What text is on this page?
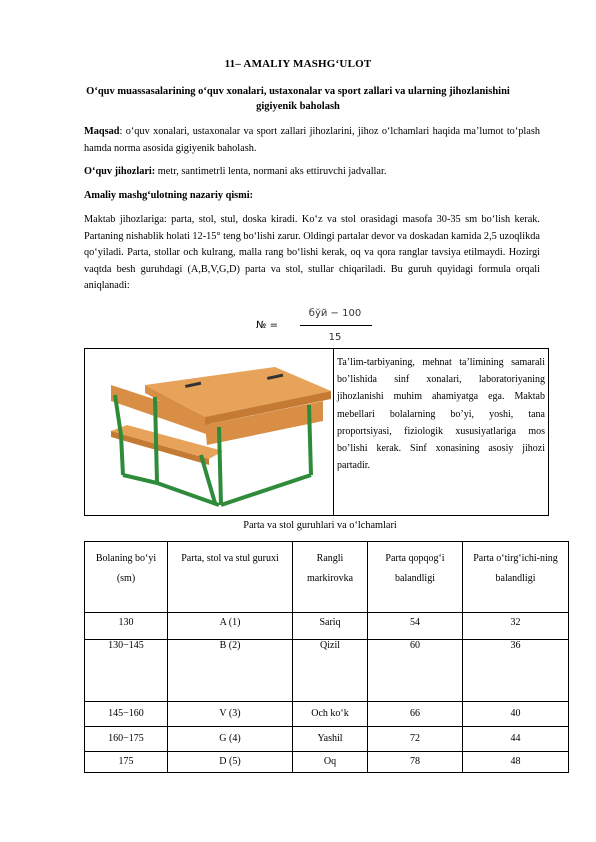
11– AMALIY MASHG‘ULOT
O‘quv muassasalarining o‘quv xonalari, ustaxonalar va sport zallari va ularning jihozlanishini gigiyenik baholash
Maqsad: o‘quv xonalari, ustaxonalar va sport zallari jihozlarini, jihoz o‘lchamlari haqida ma’lumot to‘plash hamda norma asosida gigiyenik baholash.
O‘quv jihozlari: metr, santimetrli lenta, normani aks ettiruvchi jadvallar.
Amaliy mashg‘ulotning nazariy qismi:
Maktab jihozlariga: parta, stol, stul, doska kiradi. Ko‘z va stol orasidagi masofa 30-35 sm bo‘lish kerak. Partaning nishablik holati 12-15° teng bo‘lishi zarur. Oldingi partalar devor va doskadan kamida 2,5 uzoqlikda qo‘yiladi. Parta, stollar och kulrang, malla rang bo‘lishi kerak, oq va qora ranglar tavsiya etilmaydi. Hozirgi vaqtda besh guruhdagi (A,B,V,G,D) parta va stol, stullar chiqariladi. Bu guruh quyidagi formula orqali aniqlanadi:
№ =
бўй − 100
15
Ta’lim-tarbiyaning, mehnat ta’limining samarali bo’lishida sinf xonalari, laboratoriyaning jihozlanishi muhim ahamiyatga ega. Maktab mebellari bolalarning bo’yi, yoshi, tana proportsiyasi, fiziologik xususiyatlariga mos bo’lishi kerak. Sinf xonasining asosiy jihozi partadir.
Parta va stol guruhlari va o‘lchamlari
Bolaning bo‘yi (sm)	Parta, stol va stul guruxi	Rangli markirovka	Parta qopqog‘i balandligi	Parta o‘tirg‘ichi-ning balandligi
130	A (1)	Sariq	54	32
130−145	B (2)	Qizil	60	36
145−160	V (3)	Och ko‘k	66	40
160−175	G (4)	Yashil	72	44
175	D (5)	Oq	78	48
